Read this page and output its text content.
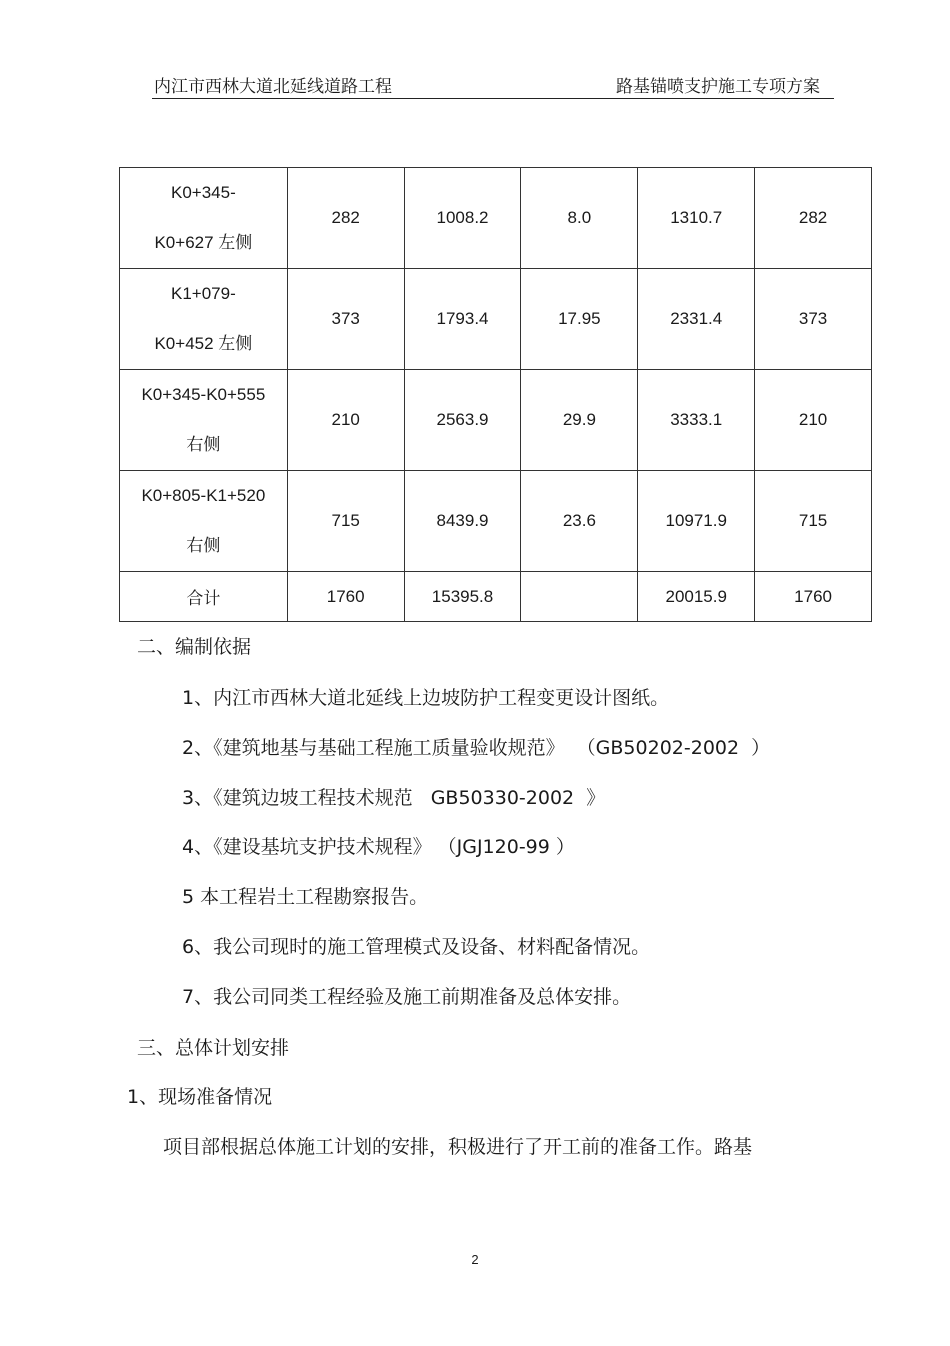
内江市西林大道北延线道路工程	路基锚喷支护施工专项方案
K0+345-
K0+627 左侧	282	1008.2	8.0	1310.7	282

K1+079-
K0+452 左侧	373	1793.4	17.95	2331.4	373

K0+345-K0+555
右侧	210	2563.9	29.9	3333.1	210

K0+805-K1+520
右侧	715	8439.9	23.6	10971.9	715
合计	1760	15395.8		20015.9	1760
二、编制依据
1、内江市西林大道北延线上边坡防护工程变更设计图纸。
2、《建筑地基与基础工程施工质量验收规范》  （GB50202-2002  ）
3、《建筑边坡工程技术规范   GB50330-2002  》
4、《建设基坑支护技术规程》 （JGJ120-99 ）
5 本工程岩土工程勘察报告。
6、我公司现时的施工管理模式及设备、材料配备情况。
7、我公司同类工程经验及施工前期准备及总体安排。
三、总体计划安排
1、现场准备情况
项目部根据总体施工计划的安排，积极进行了开工前的准备工作。路基
2
